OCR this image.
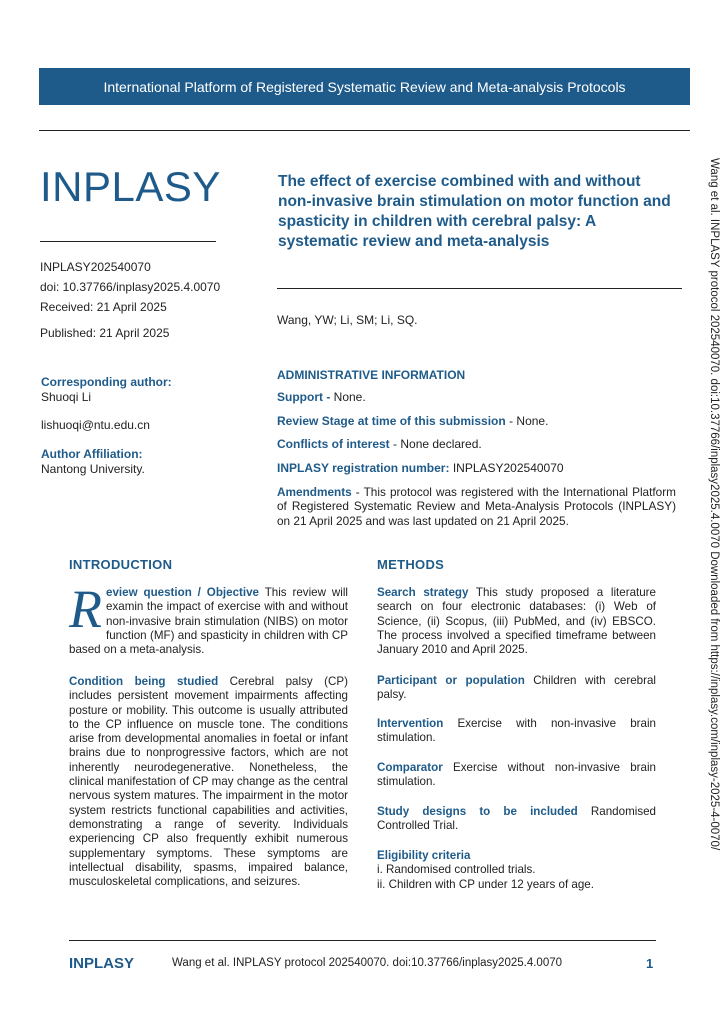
International Platform of Registered Systematic Review and Meta-analysis Protocols
INPLASY
INPLASY202540070
doi: 10.37766/inplasy2025.4.0070
Received: 21 April 2025
Published: 21 April 2025
Corresponding author:
Shuoqi Li
lishuoqi@ntu.edu.cn
Author Affiliation:
Nantong University.
The effect of exercise combined with and without non-invasive brain stimulation on motor function and spasticity in children with cerebral palsy: A systematic review and meta-analysis
Wang, YW; Li, SM; Li, SQ.
ADMINISTRATIVE INFORMATION
Support - None.
Review Stage at time of this submission - None.
Conflicts of interest - None declared.
INPLASY registration number: INPLASY202540070
Amendments - This protocol was registered with the International Platform of Registered Systematic Review and Meta-Analysis Protocols (INPLASY) on 21 April 2025 and was last updated on 21 April 2025.
INTRODUCTION
Review question / Objective This review will examin the impact of exercise with and without non-invasive brain stimulation (NIBS) on motor function (MF) and spasticity in children with CP based on a meta-analysis.
Condition being studied Cerebral palsy (CP) includes persistent movement impairments affecting posture or mobility. This outcome is usually attributed to the CP influence on muscle tone. The conditions arise from developmental anomalies in foetal or infant brains due to nonprogressive factors, which are not inherently neurodegenerative. Nonetheless, the clinical manifestation of CP may change as the central nervous system matures. The impairment in the motor system restricts functional capabilities and activities, demonstrating a range of severity. Individuals experiencing CP also frequently exhibit numerous supplementary symptoms. These symptoms are intellectual disability, spasms, impaired balance, musculoskeletal complications, and seizures.
METHODS
Search strategy This study proposed a literature search on four electronic databases: (i) Web of Science, (ii) Scopus, (iii) PubMed, and (iv) EBSCO. The process involved a specified timeframe between January 2010 and April 2025.
Participant or population Children with cerebral palsy.
Intervention Exercise with non-invasive brain stimulation.
Comparator Exercise without non-invasive brain stimulation.
Study designs to be included Randomised Controlled Trial.
Eligibility criteria
i. Randomised controlled trials.
ii. Children with CP under 12 years of age.
Wang et al. INPLASY protocol 202540070. doi:10.37766/inplasy2025.4.0070 Downloaded from https://inplasy.com/inplasy-2025-4-0070/
INPLASY	Wang et al. INPLASY protocol 202540070. doi:10.37766/inplasy2025.4.0070	1
